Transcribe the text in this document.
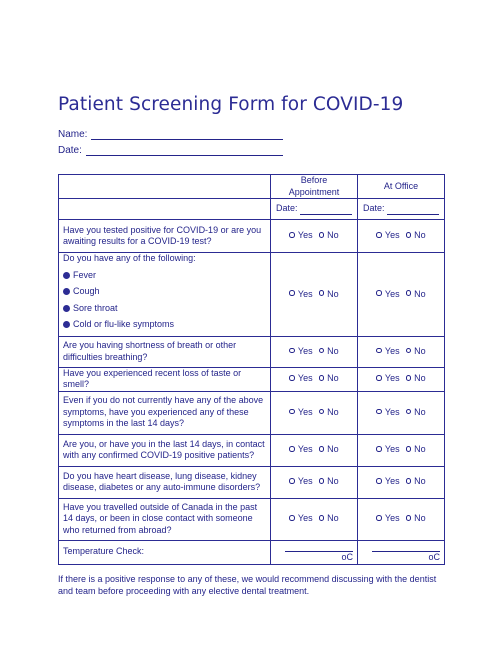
Patient Screening Form for COVID-19
Name:
Date:
	Before Appointment	At Office
	Date:	Date:
Have you tested positive for COVID-19 or are you awaiting results for a COVID-19 test?	Yes No	Yes No

Do you have any of the following:
Fever
Cough
Sore throat
Cold or flu-like symptoms	Yes No	Yes No
Are you having shortness of breath or other difficulties breathing?	Yes No	Yes No
Have you experienced recent loss of taste or smell?	Yes No	Yes No
Even if you do not currently have any of the above symptoms, have you experienced any of these symptoms in the last 14 days?	Yes No	Yes No
Are you, or have you in the last 14 days, in contact with any confirmed COVID-19 positive patients?	Yes No	Yes No
Do you have heart disease, lung disease, kidney disease, diabetes or any auto-immune disorders?	Yes No	Yes No
Have you travelled outside of Canada in the past 14 days, or been in close contact with someone who returned from abroad?	Yes No	Yes No
Temperature Check:	oC	oC
If there is a positive response to any of these, we would recommend discussing with the dentist and team before proceeding with any elective dental treatment.
